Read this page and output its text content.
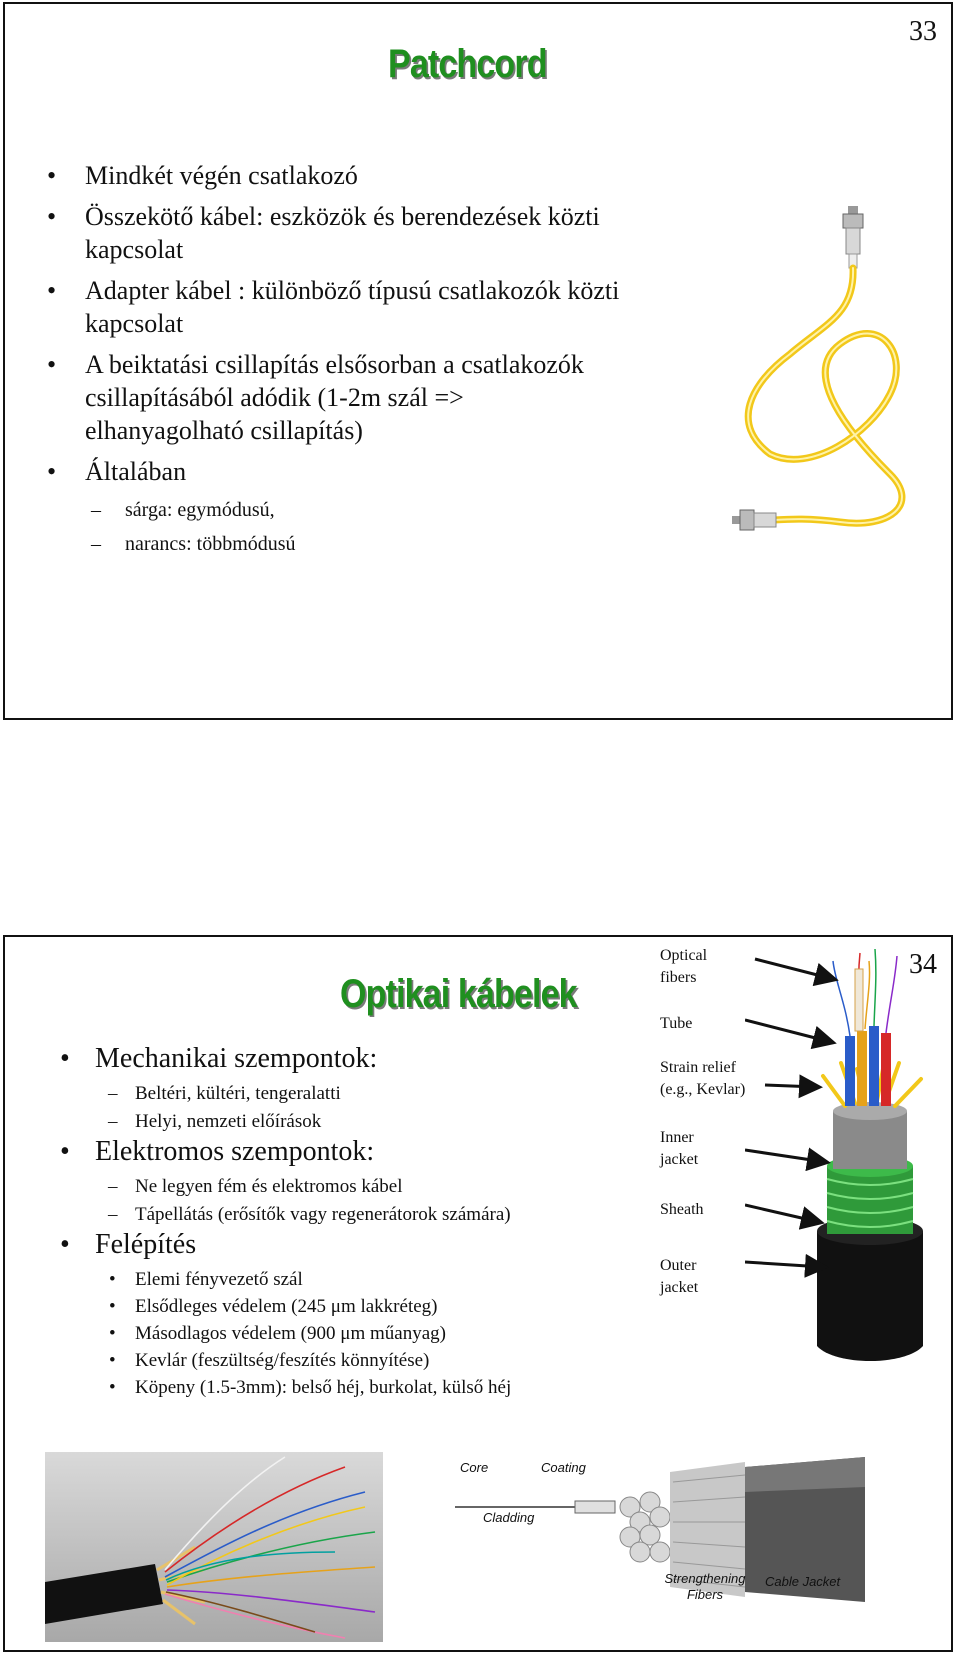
33
Patchcord
• Mindkét végén csatlakozó
• Összekötő kábel: eszközök és berendezések közti kapcsolat
• Adapter kábel : különböző típusú csatlakozók közti kapcsolat
• A beiktatási csillapítás elsősorban a csatlakozók csillapításából adódik (1-2m szál => elhanyagolható csillapítás)
• Általában
– sárga: egymódusú,
– narancs: többmódusú
34
Optikai kábelek
Optical fibers
Tube
Strain relief (e.g., Kevlar)
Inner jacket
Sheath
Outer jacket
• Mechanikai szempontok:
– Beltéri, kültéri, tengeralatti
– Helyi, nemzeti előírások
• Elektromos szempontok:
– Ne legyen fém és elektromos kábel
– Tápellátás (erősítők vagy regenerátorok számára)
• Felépítés
• Elemi fényvezető szál
• Elsődleges védelem (245 μm lakkréteg)
• Másodlagos védelem (900 μm műanyag)
• Kevlár (feszültség/feszítés könnyítése)
• Köpeny (1.5-3mm): belső héj, burkolat, külső héj
Core	Coating
Cladding
Strengthening Fibers
Cable Jacket
